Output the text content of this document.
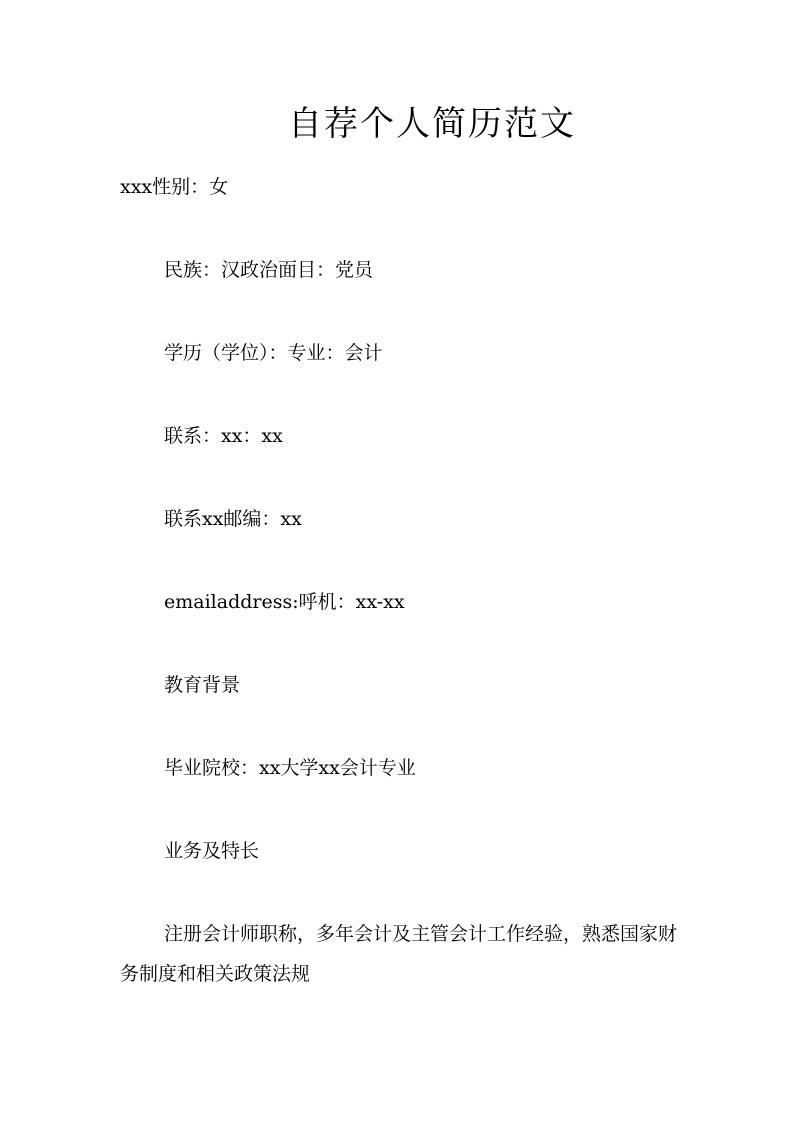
自荐个人简历范文
xxx性别：女
民族：汉政治面目：党员
学历（学位）：专业：会计
联系：xx：xx
联系xx邮编：xx
emailaddress:呼机：xx-xx
教育背景
毕业院校：xx大学xx会计专业
业务及特长
注册会计师职称，多年会计及主管会计工作经验，熟悉国家财务制度和相关政策法规
